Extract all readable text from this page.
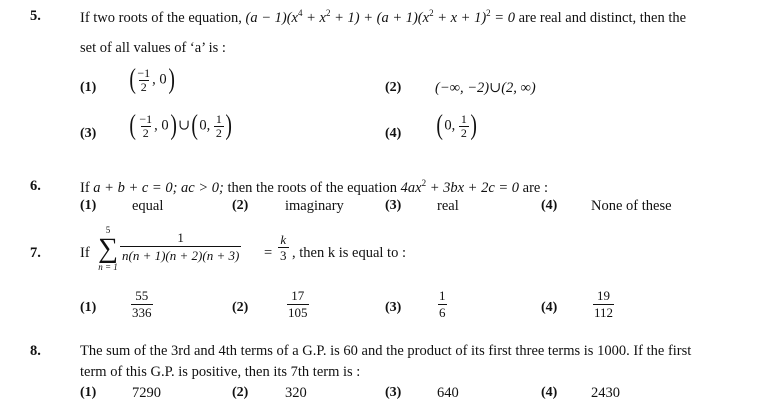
5.	If two roots of the equation, $(a - 1)(x^4 + x^2 + 1) + (a + 1)(x^2 + x + 1)^2 = 0$ are real and distinct, then the
set of all values of ‘a’ is :
(1) ( $\frac{-1}{2}$ , 0)	(2) (−∞, −2)∪(2, ∞)
(3) ( $\frac{-1}{2}$ , 0)∪(0, $\frac{1}{2}$ )	(4) (0, $\frac{1}{2}$ )
6.	If a + b + c = 0; ac > 0; then the roots of the equation $4ax^2 + 3bx + 2c = 0$ are :
(1) equal	(2)	imaginary	(3) real	(4) None of these
7.	If
5
∑
n = 1
$\frac{1}{n(n + 1)(n + 2)(n + 3)} = \frac{k}{3}$ , then k is equal to :
(1)	$\frac{55}{336}$	(2)	$\frac{17}{105}$	(3)	$\frac{1}{6}$	(4)	$\frac{19}{112}$
8.	The sum of the 3rd and 4th terms of a G.P. is 60 and the product of its first three terms is 1000. If the first
term of this G.P. is positive, then its 7th term is :
(1) 7290	(2)	320	(3) 640	(4) 2430
